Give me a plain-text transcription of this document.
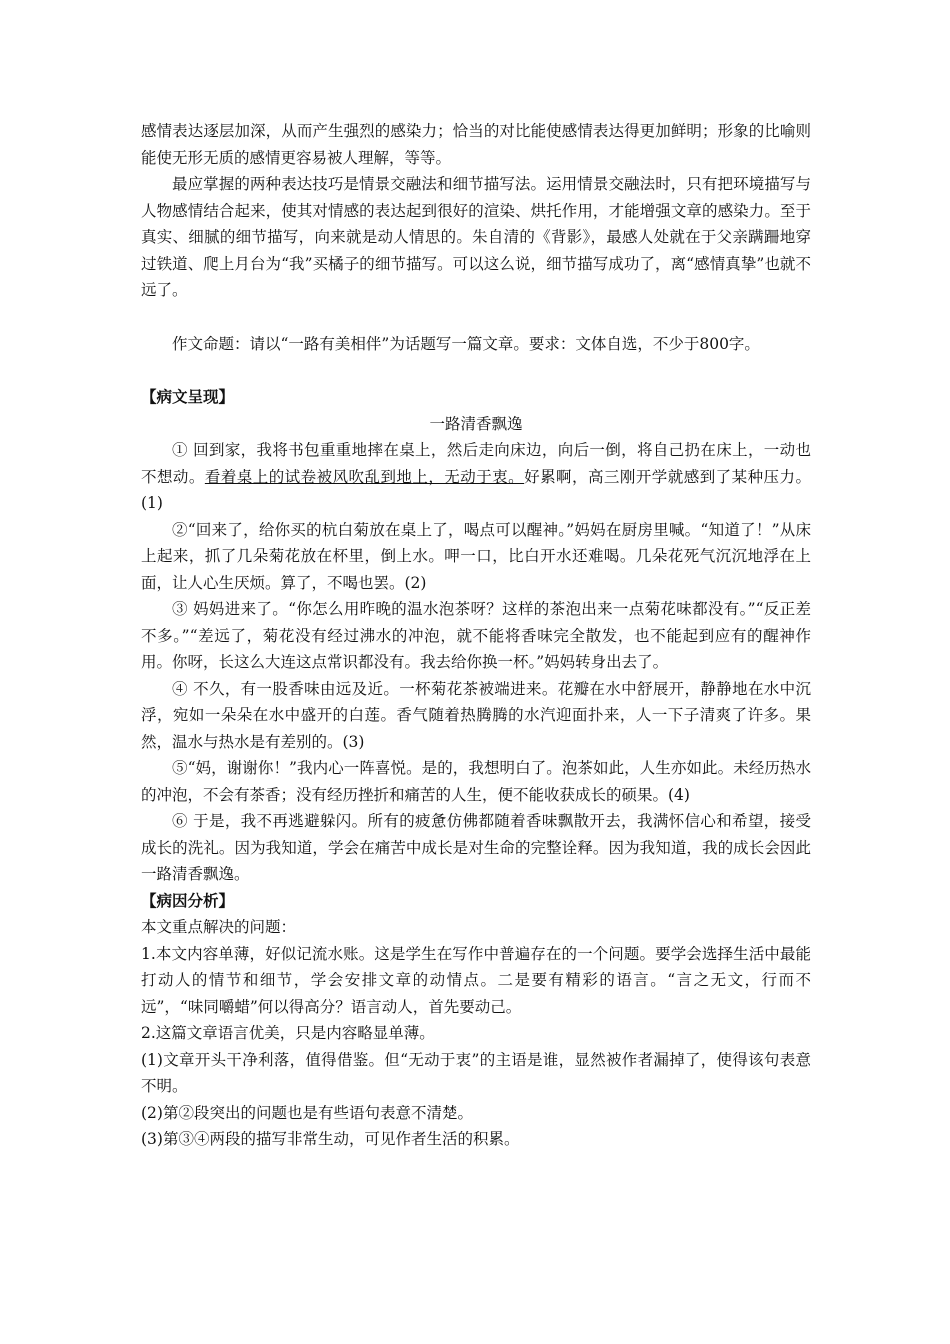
感情表达逐层加深，从而产生强烈的感染力；恰当的对比能使感情表达得更加鲜明；形象的比喻则能使无形无质的感情更容易被人理解，等等。

最应掌握的两种表达技巧是情景交融法和细节描写法。运用情景交融法时，只有把环境描写与人物感情结合起来，使其对情感的表达起到很好的渲染、烘托作用，才能增强文章的感染力。至于真实、细腻的细节描写，向来就是动人情思的。朱自清的《背影》，最感人处就在于父亲蹒跚地穿过铁道、爬上月台为“我”买橘子的细节描写。可以这么说，细节描写成功了，离“感情真挚”也就不远了。

作文命题：请以“一路有美相伴”为话题写一篇文章。要求：文体自选，不少于800字。

【病文呈现】

一路清香飘逸

① 回到家，我将书包重重地摔在桌上，然后走向床边，向后一倒，将自己扔在床上，一动也不想动。看着桌上的试卷被风吹乱到地上，无动于衷。好累啊，高三刚开学就感到了某种压力。(1)

②“回来了，给你买的杭白菊放在桌上了，喝点可以醒神。”妈妈在厨房里喊。“知道了！”从床上起来，抓了几朵菊花放在杯里，倒上水。呷一口，比白开水还难喝。几朵花死气沉沉地浮在上面，让人心生厌烦。算了，不喝也罢。(2)

③ 妈妈进来了。“你怎么用昨晚的温水泡茶呀？这样的茶泡出来一点菊花味都没有。”“反正差不多。”“差远了，菊花没有经过沸水的冲泡，就不能将香味完全散发，也不能起到应有的醒神作用。你呀，长这么大连这点常识都没有。我去给你换一杯。”妈妈转身出去了。

④ 不久，有一股香味由远及近。一杯菊花茶被端进来。花瓣在水中舒展开，静静地在水中沉浮，宛如一朵朵在水中盛开的白莲。香气随着热腾腾的水汽迎面扑来，人一下子清爽了许多。果然，温水与热水是有差别的。(3)

⑤“妈，谢谢你！”我内心一阵喜悦。是的，我想明白了。泡茶如此，人生亦如此。未经历热水的冲泡，不会有茶香；没有经历挫折和痛苦的人生，便不能收获成长的硕果。(4)

⑥ 于是，我不再逃避躲闪。所有的疲惫仿佛都随着香味飘散开去，我满怀信心和希望，接受成长的洗礼。因为我知道，学会在痛苦中成长是对生命的完整诠释。因为我知道，我的成长会因此一路清香飘逸。

【病因分析】

本文重点解决的问题：

1.本文内容单薄，好似记流水账。这是学生在写作中普遍存在的一个问题。要学会选择生活中最能打动人的情节和细节，学会安排文章的动情点。二是要有精彩的语言。“言之无文，行而不远”，“味同嚼蜡”何以得高分？语言动人，首先要动己。

2.这篇文章语言优美，只是内容略显单薄。

(1)文章开头干净利落，值得借鉴。但“无动于衷”的主语是谁，显然被作者漏掉了，使得该句表意不明。

(2)第②段突出的问题也是有些语句表意不清楚。

(3)第③④两段的描写非常生动，可见作者生活的积累。
